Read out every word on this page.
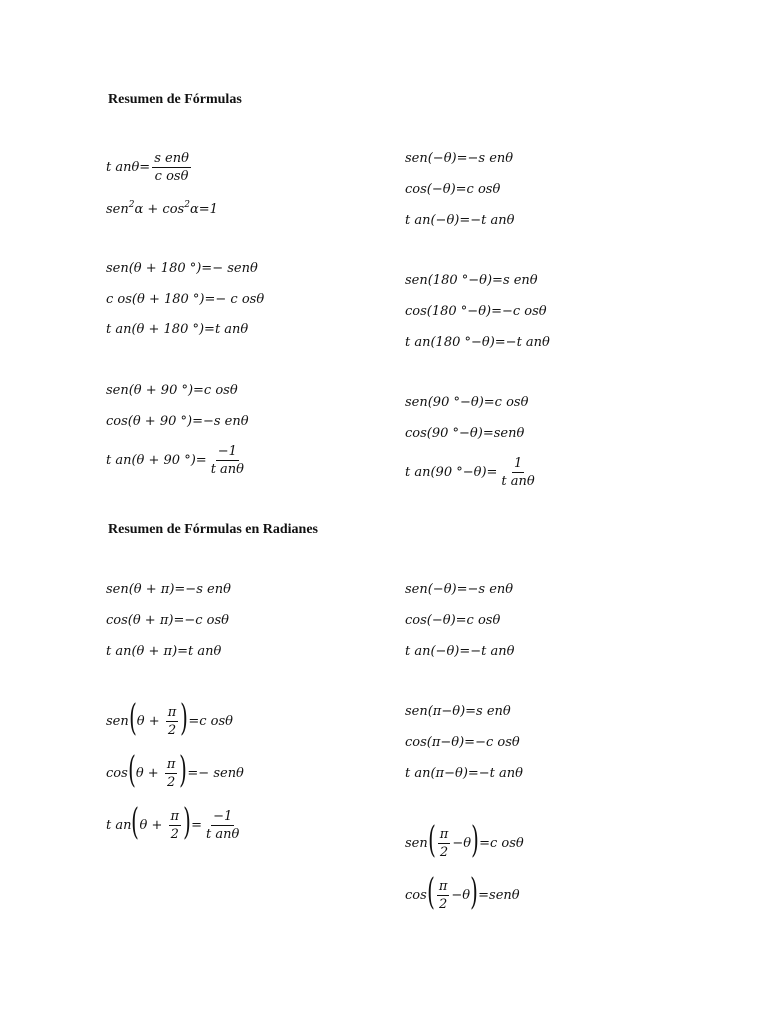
Resumen de Fórmulas
Resumen de Fórmulas en Radianes
t $an\theta= \frac{\text{s enθ}}{\text{c osθ}}$
sen$^2$ $\alpha + \cos^2 \alpha=1$
sen(θ + 180 °)=− senθ
c os(θ + 180 °)=− c osθ
t an(θ + 180 °)=t anθ
sen(θ + 90 °)=c osθ
cos(θ + 90 °)=−s enθ
t an(θ + 90 °)= $\frac{-1}{\text{t anθ}}$
sen(−θ)=−s enθ
cos(−θ)=c osθ
t an(−θ)=−t anθ
sen(180 °−θ)=s enθ
cos(180 °−θ)=−c osθ
t an(180 °−θ)=−t anθ
sen(90 °−θ)=c osθ
cos(90 °−θ)=senθ
t an(90 $^\circ-\theta)= \frac{1}{\text{t anθ}}$
sen(θ + π)=−s enθ
cos(θ + π)=−c osθ
t an(θ + π)=t anθ
sen ( $\theta + \frac{\pi}{2}$ ) =c osθ
cos ( $\theta + \frac{\pi}{2}$ ) =− senθ
t an ( $\theta + \frac{\pi}{2}$ ) = $\frac{-1}{\text{t anθ}}$
sen(−θ)=−s enθ
cos(−θ)=c osθ
t an(−θ)=−t anθ
sen(π−θ)=s enθ
cos(π−θ)=−c osθ
t an(π−θ)=−t anθ
sen ( $\frac{\pi}{2} -\theta$ ) =c osθ
cos ( $\frac{\pi}{2} -\theta$ ) =senθ
